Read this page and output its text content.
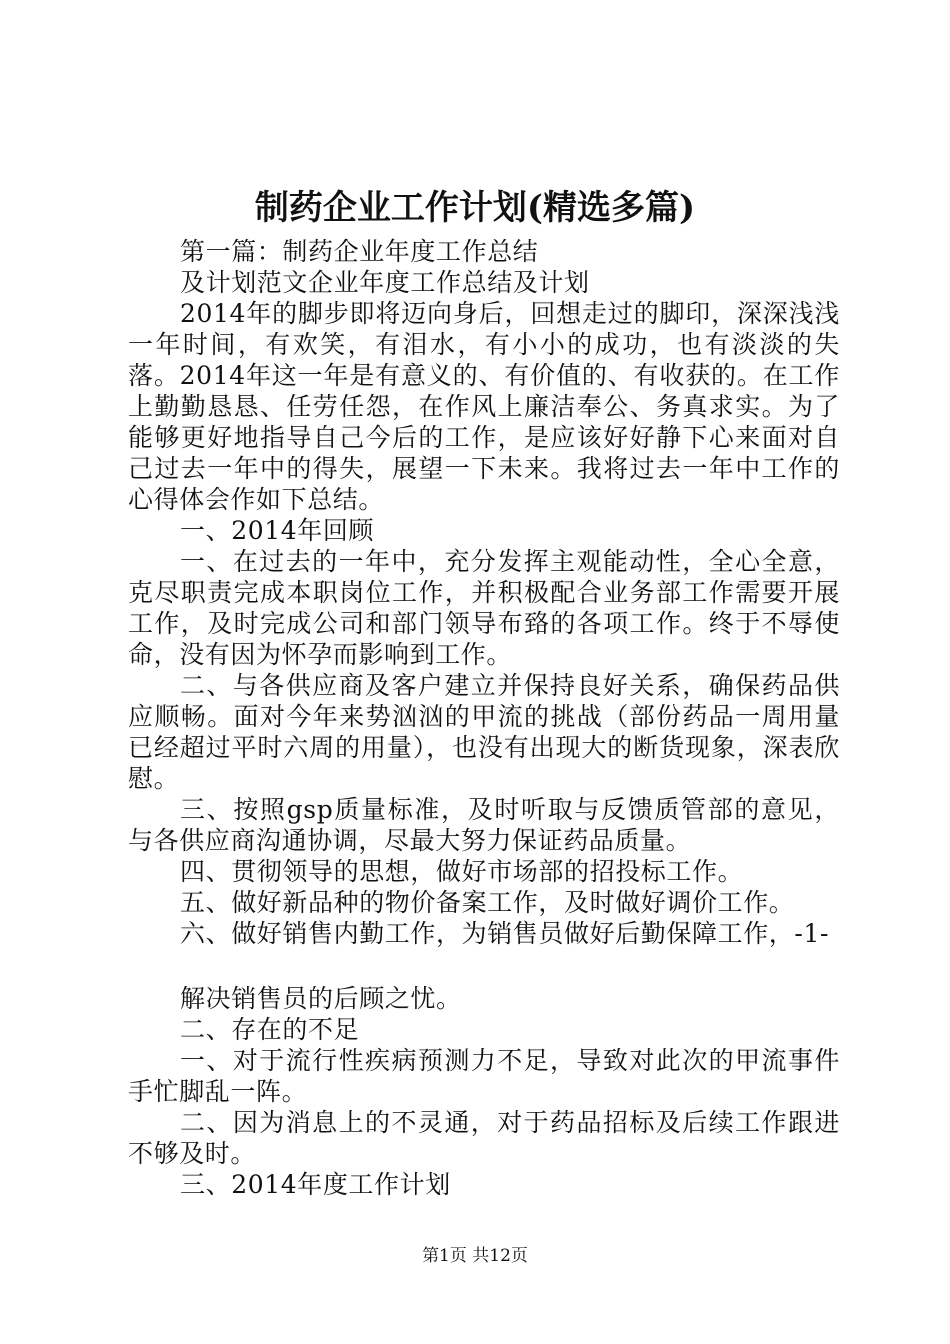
制药企业工作计划(精选多篇)

第一篇：制药企业年度工作总结

及计划范文企业年度工作总结及计划

2014年的脚步即将迈向身后，回想走过的脚印，深深浅浅一年时间，有欢笑，有泪水，有小小的成功，也有淡淡的失落。2014年这一年是有意义的、有价值的、有收获的。在工作上勤勤恳恳、任劳任怨，在作风上廉洁奉公、务真求实。为了能够更好地指导自己今后的工作，是应该好好静下心来面对自己过去一年中的得失，展望一下未来。我将过去一年中工作的心得体会作如下总结。

一、2014年回顾

一、在过去的一年中，充分发挥主观能动性，全心全意，克尽职责完成本职岗位工作，并积极配合业务部工作需要开展工作，及时完成公司和部门领导布臵的各项工作。终于不辱使命，没有因为怀孕而影响到工作。

二、与各供应商及客户建立并保持良好关系，确保药品供应顺畅。面对今年来势汹汹的甲流的挑战（部份药品一周用量已经超过平时六周的用量），也没有出现大的断货现象，深表欣慰。

三、按照gsp质量标准，及时听取与反馈质管部的意见，与各供应商沟通协调，尽最大努力保证药品质量。

四、贯彻领导的思想，做好市场部的招投标工作。

五、做好新品种的物价备案工作，及时做好调价工作。

六、做好销售内勤工作，为销售员做好后勤保障工作，-1-

解决销售员的后顾之忧。

二、存在的不足

一、对于流行性疾病预测力不足，导致对此次的甲流事件手忙脚乱一阵。

二、因为消息上的不灵通，对于药品招标及后续工作跟进不够及时。

三、2014年度工作计划

第1页 共12页
